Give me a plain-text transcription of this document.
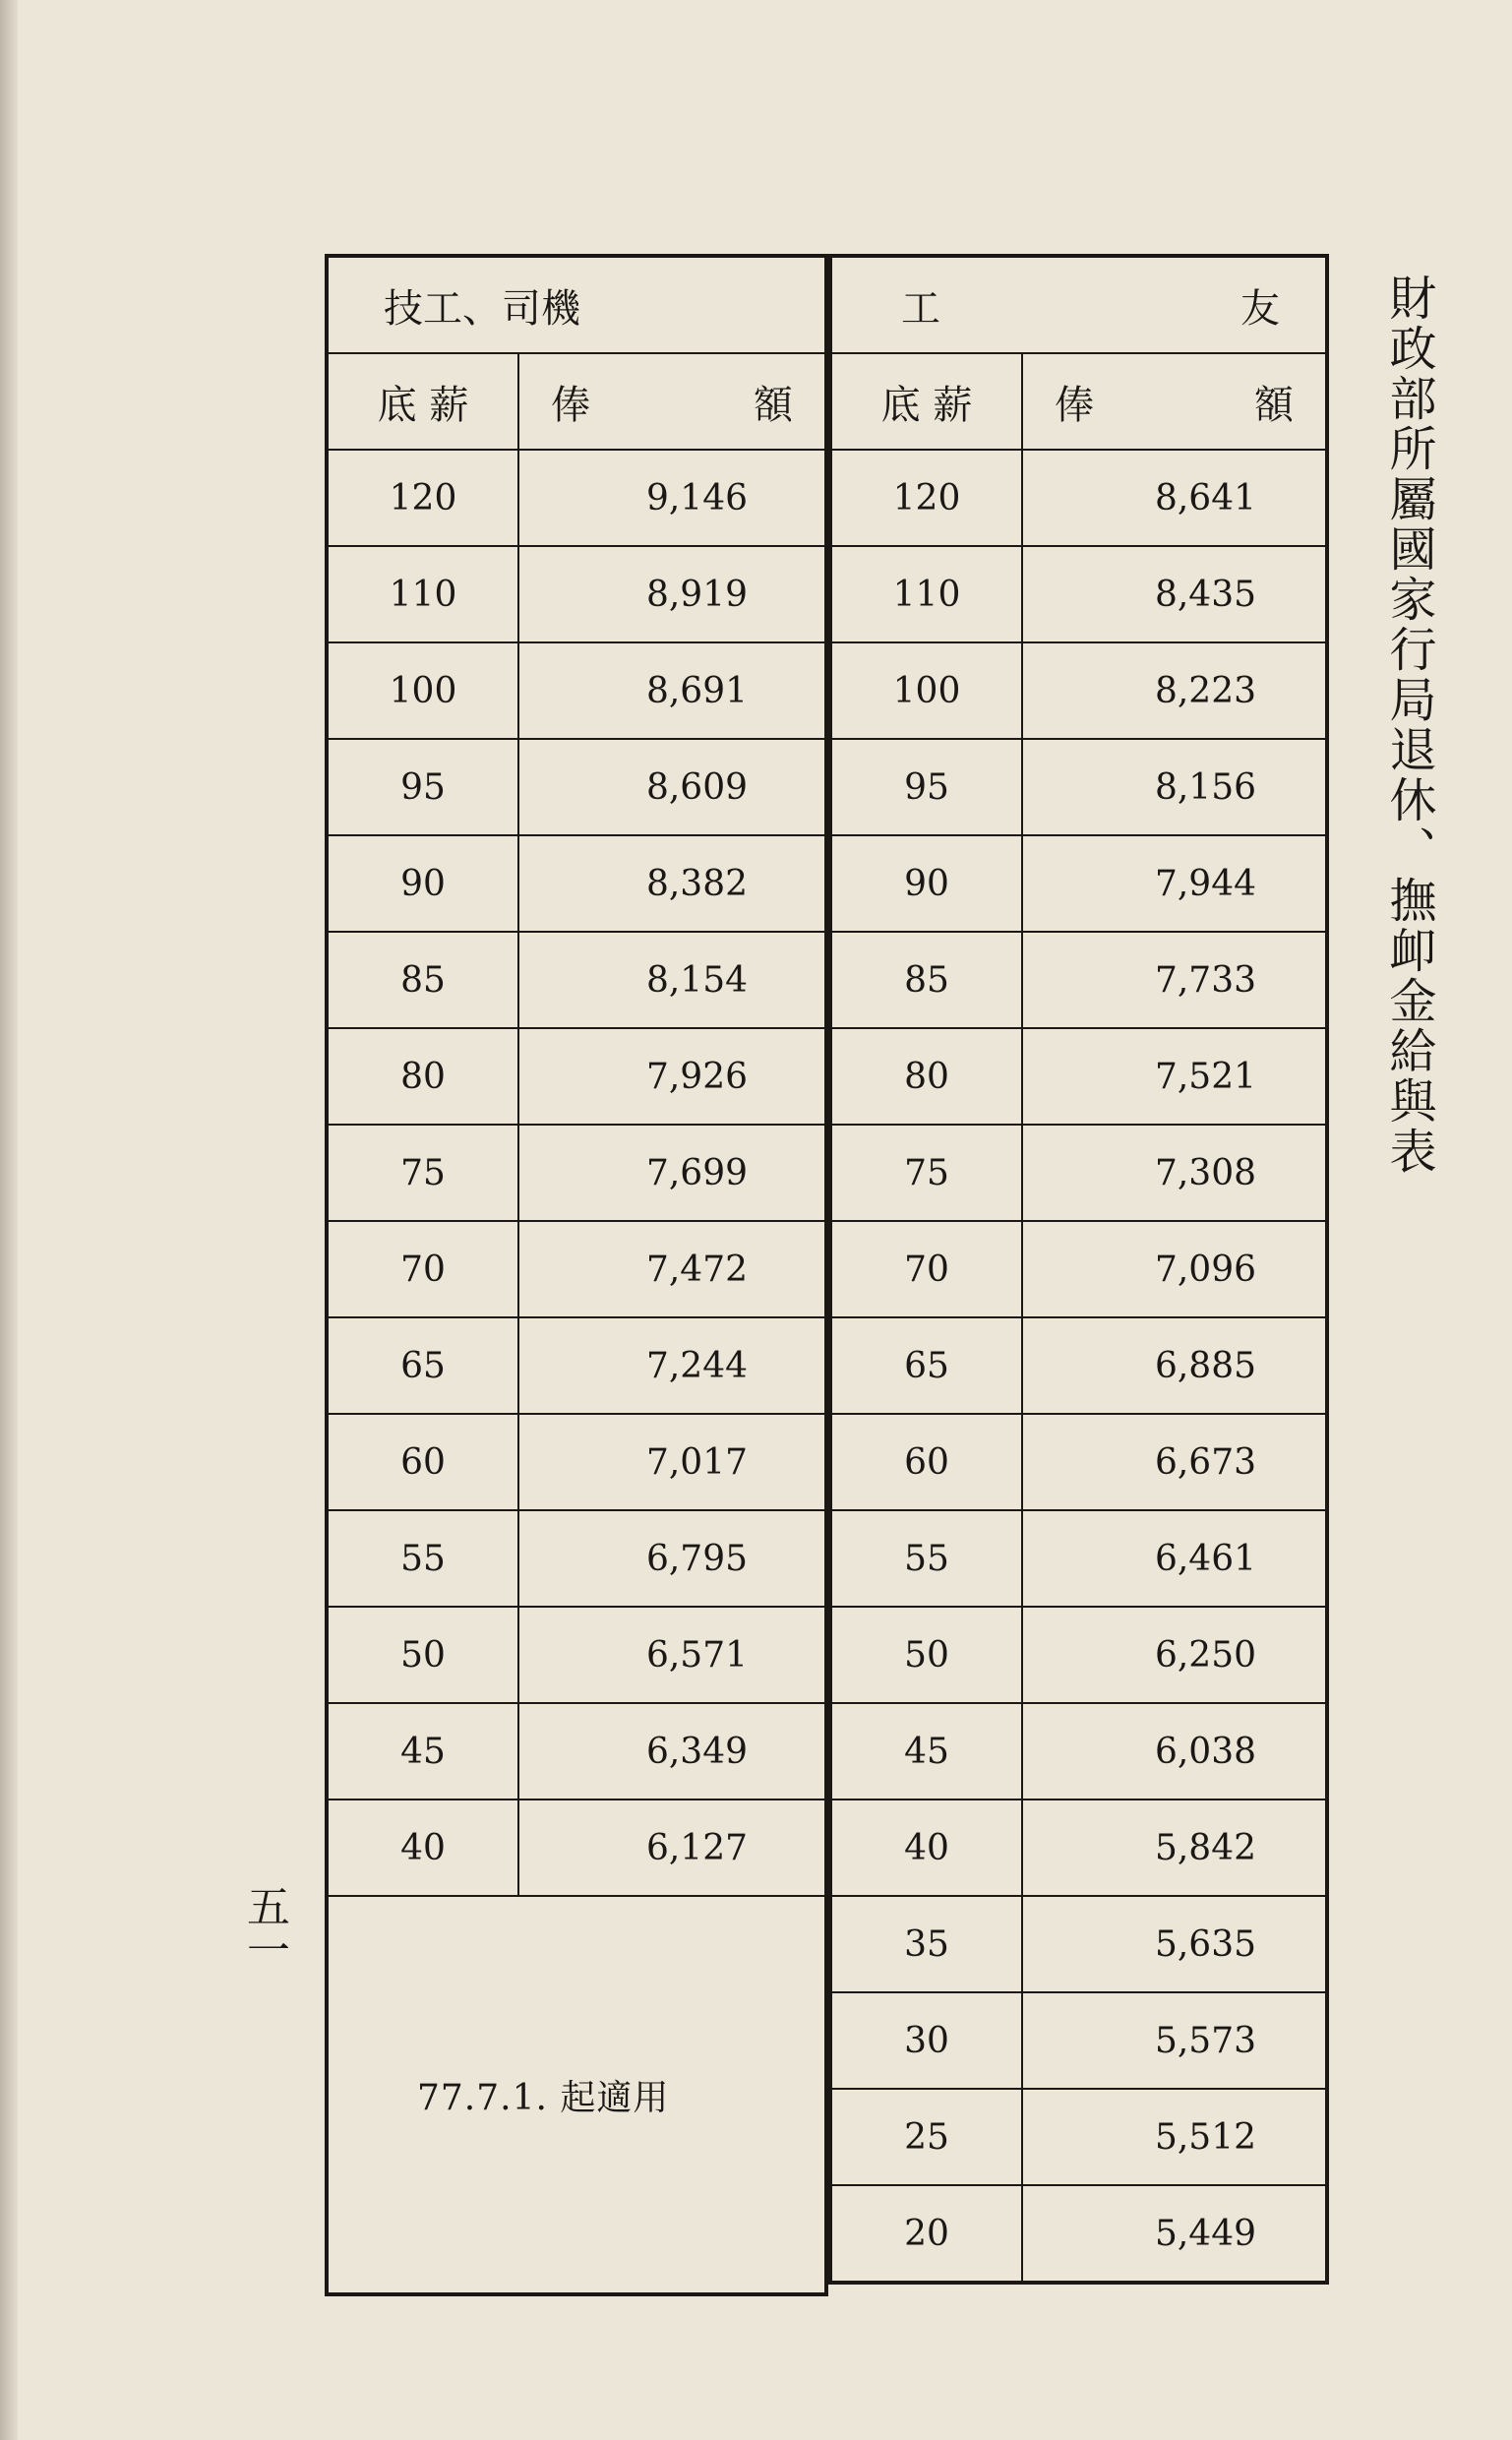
財政部所屬國家行局退休、撫卹金給與表
五一
技工、司機	
底 薪	俸 額

120	9,146
110	8,919
100	8,691
95	8,609
90	8,382
85	8,154
80	7,926
75	7,699
70	7,472
65	7,244
60	7,017
55	6,795
50	6,571
45	6,349
40	6,127
77.7.1. 起適用	
工 友	

底 薪	俸 額

120	8,641
110	8,435
100	8,223
95	8,156
90	7,944
85	7,733
80	7,521
75	7,308
70	7,096
65	6,885
60	6,673
55	6,461
50	6,250
45	6,038
40	5,842
35	5,635
30	5,573
25	5,512
20	5,449
